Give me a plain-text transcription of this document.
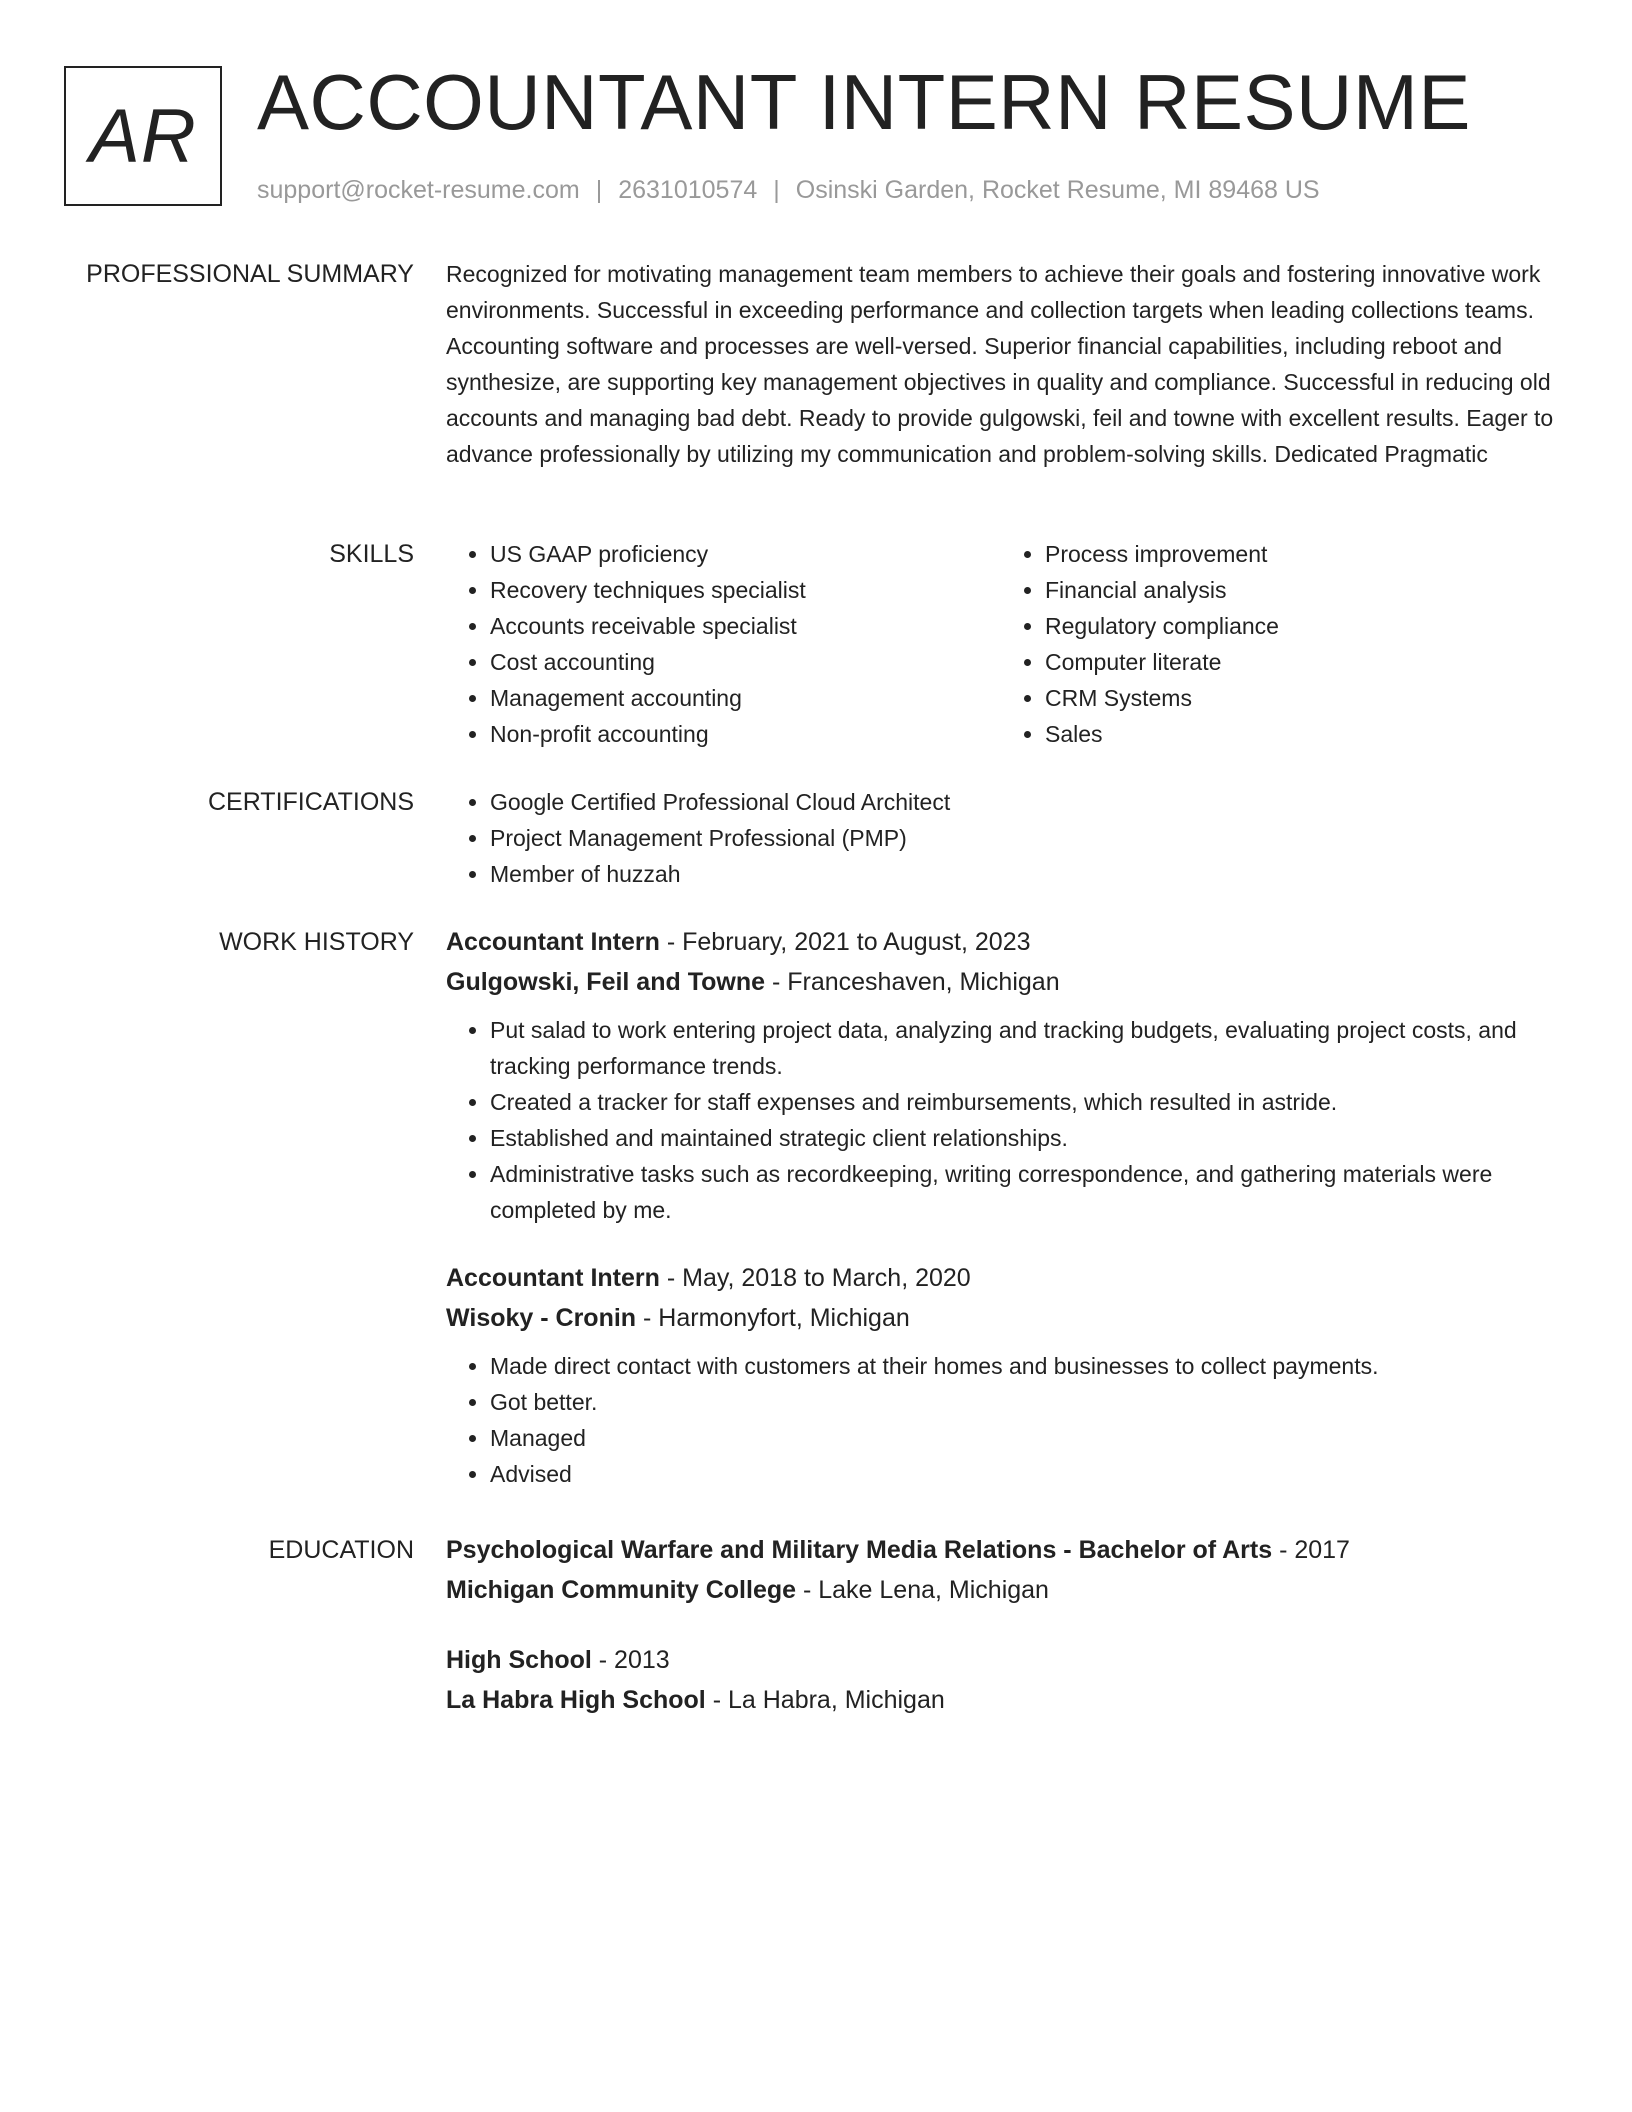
AR ACCOUNTANT INTERN RESUME
support@rocket-resume.com | 2631010574 | Osinski Garden, Rocket Resume, MI 89468 US
PROFESSIONAL SUMMARY Recognized for motivating management team members to achieve their goals and fostering innovative work environments. Successful in exceeding performance and collection targets when leading collections teams. Accounting software and processes are well-versed. Superior financial capabilities, including reboot and synthesize, are supporting key management objectives in quality and compliance. Successful in reducing old accounts and managing bad debt. Ready to provide gulgowski, feil and towne with excellent results. Eager to advance professionally by utilizing my communication and problem-solving skills. Dedicated Pragmatic

SKILLS	• US GAAP proficiency
• Recovery techniques specialist
• Accounts receivable specialist
• Cost accounting
• Management accounting
• Non-profit accounting
• Process improvement
• Financial analysis
• Regulatory compliance
• Computer literate
• CRM Systems
• Sales
CERTIFICATIONS	• Google Certified Professional Cloud Architect
• Project Management Professional (PMP)
• Member of huzzah
WORK HISTORY Accountant Intern - February, 2021 to August, 2023
Gulgowski, Feil and Towne - Franceshaven, Michigan
• Put salad to work entering project data, analyzing and tracking budgets, evaluating project costs, and tracking performance trends.
• Created a tracker for staff expenses and reimbursements, which resulted in astride.
• Established and maintained strategic client relationships.
• Administrative tasks such as recordkeeping, writing correspondence, and gathering materials were completed by me.
Accountant Intern - May, 2018 to March, 2020
Wisoky - Cronin - Harmonyfort, Michigan
• Made direct contact with customers at their homes and businesses to collect payments.
• Got better.
• Managed
• Advised
EDUCATION Psychological Warfare and Military Media Relations - Bachelor of Arts - 2017
Michigan Community College - Lake Lena, Michigan
High School - 2013
La Habra High School - La Habra, Michigan
